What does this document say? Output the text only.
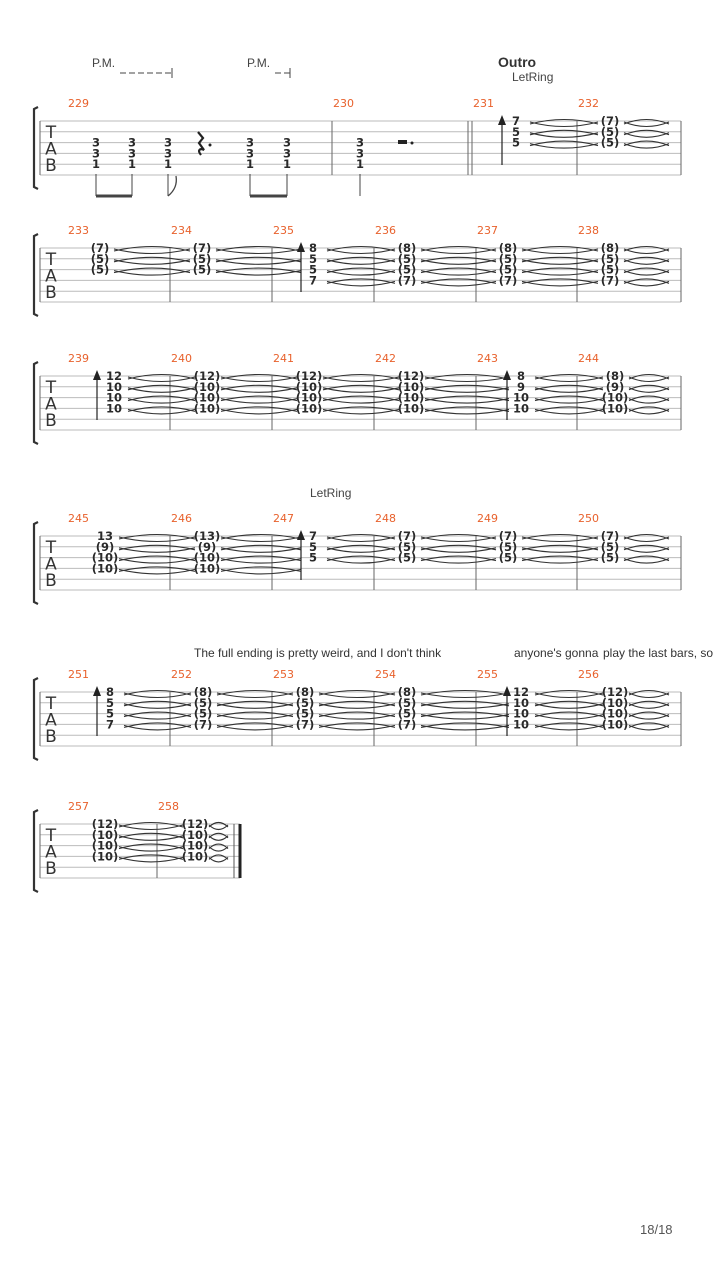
P.M.	P.M.	Outro
LetRing
LetRing
The full ending is pretty weird, and I don't think	anyone's gonna play the last bars, so
T
A
B
229
3
3
1
3
3
1
3
3
1
3
3
1
3
3
1
230
3
3
1
231
7
5
5
232
(7)
(5)
(5)
T
A
B
233
(7)
(5)
(5)
234
(7)
(5)
(5)
235
8
5
5
7
236
(8)
(5)
(5)
(7)
237
(8)
(5)
(5)
(7)
238
(8)
(5)
(5)
(7)
T
A
B
239
12
10
10
10
240
(12)
(10)
(10)
(10)
241
(12)
(10)
(10)
(10)
242
(12)
(10)
(10)
(10)
243
8
9
10
10
244
(8)
(9)
(10)
(10)
T
A
B
245
13
(9)
(10)
(10)
246
(13)
(9)
(10)
(10)
247
7
5
5
248
(7)
(5)
(5)
249
(7)
(5)
(5)
250
(7)
(5)
(5)
T
A
B
251
8
5
5
7
252
(8)
(5)
(5)
(7)
253
(8)
(5)
(5)
(7)
254
(8)
(5)
(5)
(7)
255
12
10
10
10
256
(12)
(10)
(10)
(10)
T
A
B
257
(12)
(10)
(10)
(10)
258
(12)
(10)
(10)
(10)
18/18
